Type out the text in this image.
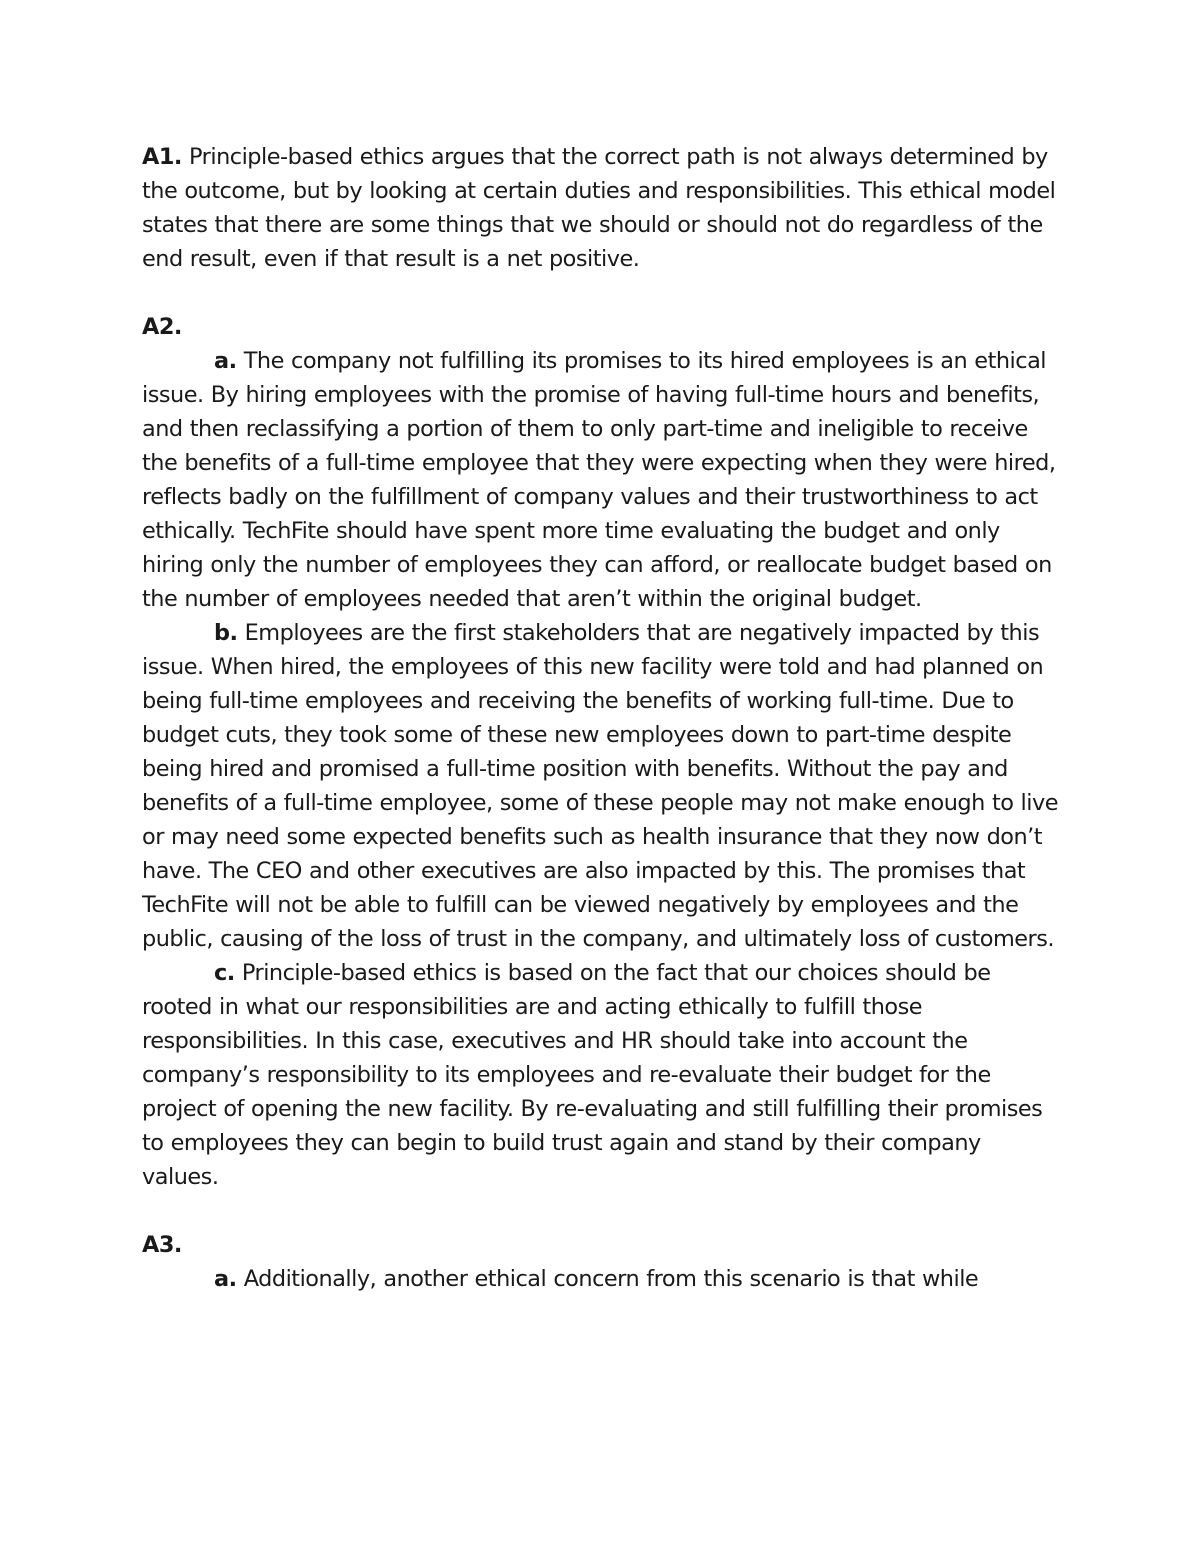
A1. Principle-based ethics argues that the correct path is not always determined by the outcome, but by looking at certain duties and responsibilities. This ethical model states that there are some things that we should or should not do regardless of the end result, even if that result is a net positive.

A2.

a. The company not fulfilling its promises to its hired employees is an ethical issue. By hiring employees with the promise of having full-time hours and benefits, and then reclassifying a portion of them to only part-time and ineligible to receive the benefits of a full-time employee that they were expecting when they were hired, reflects badly on the fulfillment of company values and their trustworthiness to act ethically. TechFite should have spent more time evaluating the budget and only hiring only the number of employees they can afford, or reallocate budget based on the number of employees needed that aren’t within the original budget.

b. Employees are the first stakeholders that are negatively impacted by this issue. When hired, the employees of this new facility were told and had planned on being full-time employees and receiving the benefits of working full-time. Due to budget cuts, they took some of these new employees down to part-time despite being hired and promised a full-time position with benefits. Without the pay and benefits of a full-time employee, some of these people may not make enough to live or may need some expected benefits such as health insurance that they now don’t have. The CEO and other executives are also impacted by this. The promises that TechFite will not be able to fulfill can be viewed negatively by employees and the public, causing of the loss of trust in the company, and ultimately loss of customers.

c. Principle-based ethics is based on the fact that our choices should be rooted in what our responsibilities are and acting ethically to fulfill those responsibilities. In this case, executives and HR should take into account the company’s responsibility to its employees and re-evaluate their budget for the project of opening the new facility. By re-evaluating and still fulfilling their promises to employees they can begin to build trust again and stand by their company values.

A3.

a. Additionally, another ethical concern from this scenario is that while
